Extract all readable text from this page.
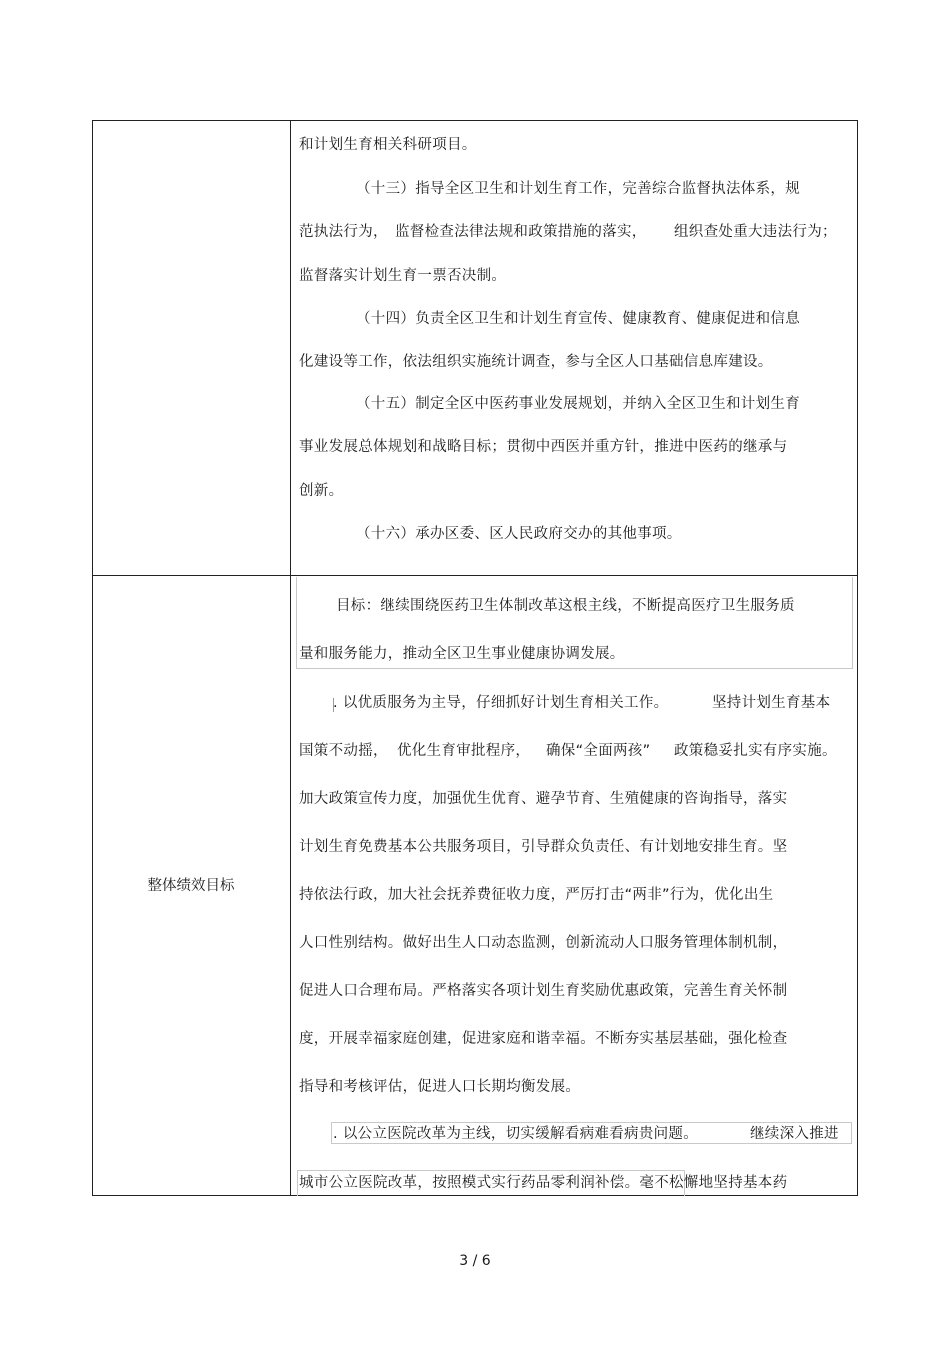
和计划生育相关科研项目。
（十三）指导全区卫生和计划生育工作，完善综合监督执法体系，规
范执法行为， 监督检查法律法规和政策措施的落实， 组织查处重大违法行为；
监督落实计划生育一票否决制。
（十四）负责全区卫生和计划生育宣传、健康教育、健康促进和信息
化建设等工作，依法组织实施统计调查，参与全区人口基础信息库建设。
（十五）制定全区中医药事业发展规划，并纳入全区卫生和计划生育
事业发展总体规划和战略目标；贯彻中西医并重方针，推进中医药的继承与
创新。
（十六）承办区委、区人民政府交办的其他事项。
整体绩效目标
目标：继续围绕医药卫生体制改革这根主线，不断提高医疗卫生服务质
量和服务能力，推动全区卫生事业健康协调发展。
. 以优质服务为主导，仔细抓好计划生育相关工作。	坚持计划生育基本
国策不动摇， 优化生育审批程序， 确保“全面两孩” 政策稳妥扎实有序实施。
加大政策宣传力度，加强优生优育、避孕节育、生殖健康的咨询指导，落实
计划生育免费基本公共服务项目，引导群众负责任、有计划地安排生育。坚
持依法行政，加大社会抚养费征收力度，严厉打击“两非”行为，优化出生
人口性别结构。做好出生人口动态监测，创新流动人口服务管理体制机制，
促进人口合理布局。严格落实各项计划生育奖励优惠政策，完善生育关怀制
度，开展幸福家庭创建，促进家庭和谐幸福。不断夯实基层基础，强化检查
指导和考核评估，促进人口长期均衡发展。
. 以公立医院改革为主线，切实缓解看病难看病贵问题。	继续深入推进
城市公立医院改革，按照模式实行药品零利润补偿。毫不松懈地坚持基本药
3 / 6
